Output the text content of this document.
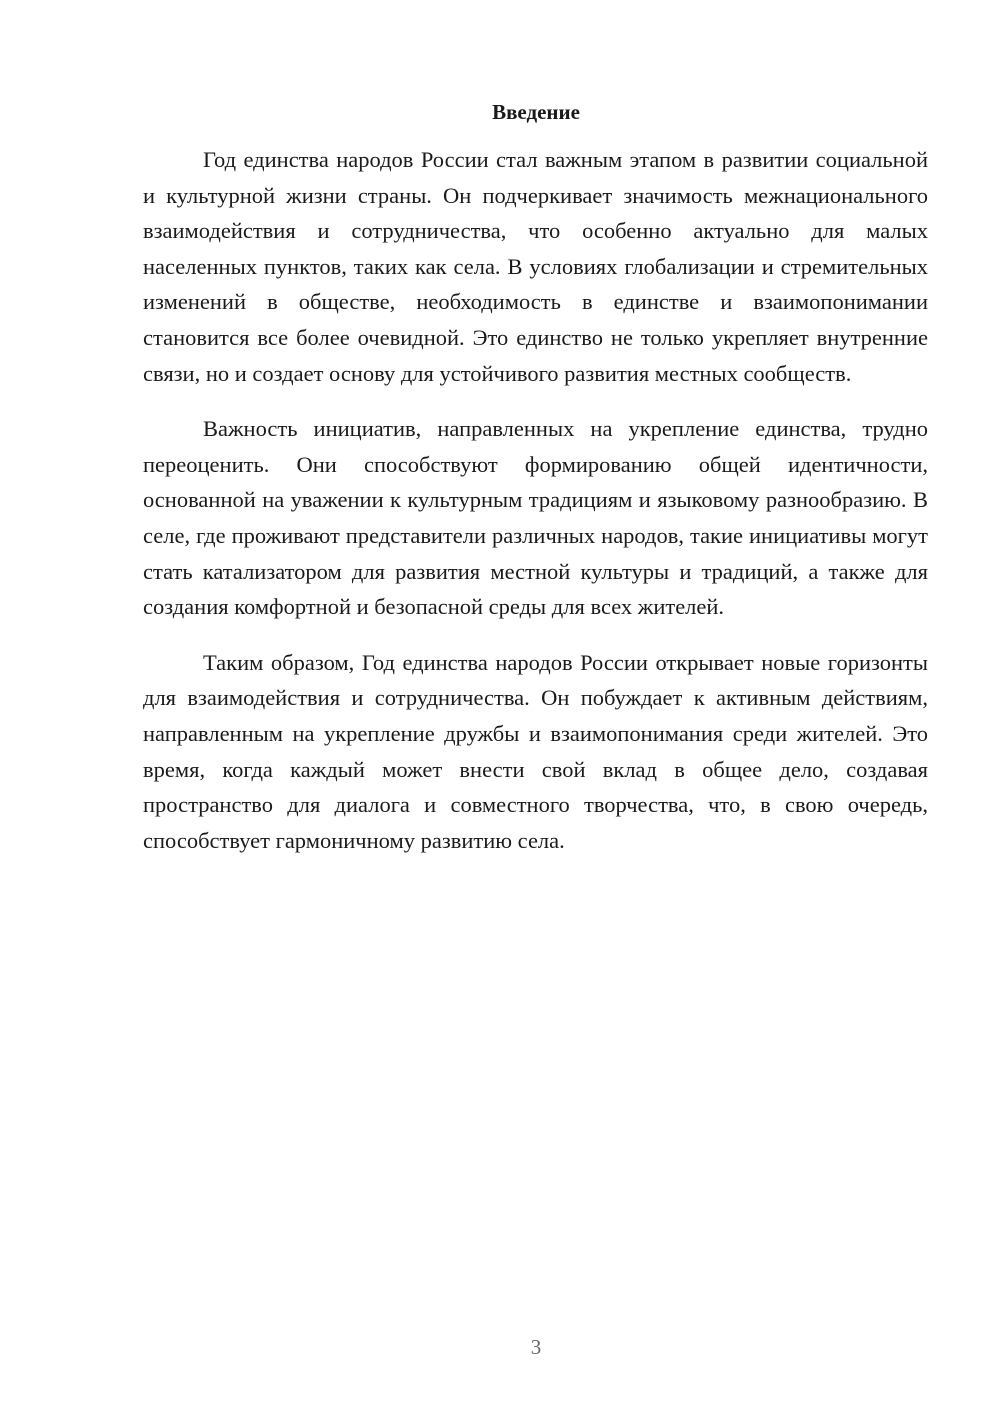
Введение

Год единства народов России стал важным этапом в развитии социальной и культурной жизни страны. Он подчеркивает значимость межнационального взаимодействия и сотрудничества, что особенно актуально для малых населенных пунктов, таких как села. В условиях глобализации и стремительных изменений в обществе, необходимость в единстве и взаимопонимании становится все более очевидной. Это единство не только укрепляет внутренние связи, но и создает основу для устойчивого развития местных сообществ.

Важность инициатив, направленных на укрепление единства, трудно переоценить. Они способствуют формированию общей идентичности, основанной на уважении к культурным традициям и языковому разнообразию. В селе, где проживают представители различных народов, такие инициативы могут стать катализатором для развития местной культуры и традиций, а также для создания комфортной и безопасной среды для всех жителей.

Таким образом, Год единства народов России открывает новые горизонты для взаимодействия и сотрудничества. Он побуждает к активным действиям, направленным на укрепление дружбы и взаимопонимания среди жителей. Это время, когда каждый может внести свой вклад в общее дело, создавая пространство для диалога и совместного творчества, что, в свою очередь, способствует гармоничному развитию села.

3
